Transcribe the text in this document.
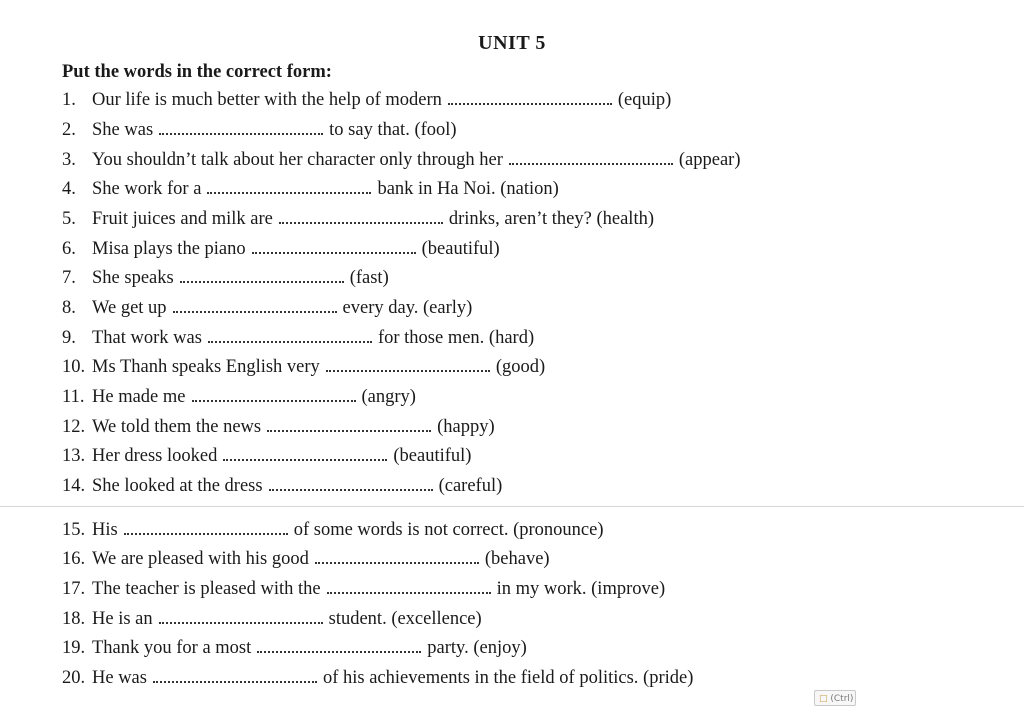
UNIT 5
Put the words in the correct form:
1. Our life is much better with the help of modern	(equip)
2. She was	to say that. (fool)
3. You shouldn’t talk about her character only through her	(appear)
4. She work for a	bank in Ha Noi. (nation)
5. Fruit juices and milk are	drinks, aren’t they? (health)
6. Misa plays the piano	(beautiful)
7. She speaks	(fast)
8. We get up	every day. (early)
9. That work was	for those men. (hard)
10. Ms Thanh speaks English very	(good)
11. He made me	(angry)
12. We told them the news	(happy)
13. Her dress looked	(beautiful)
14. She looked at the dress	(careful)
15. His	of some words is not correct. (pronounce)
16. We are pleased with his good	(behave)
17. The teacher is pleased with the	in my work. (improve)
18. He is an	student. (excellence)
19. Thank you for a most	party. (enjoy)
20. He was	of his achievements in the field of politics. (pride)
□ (Ctrl)
